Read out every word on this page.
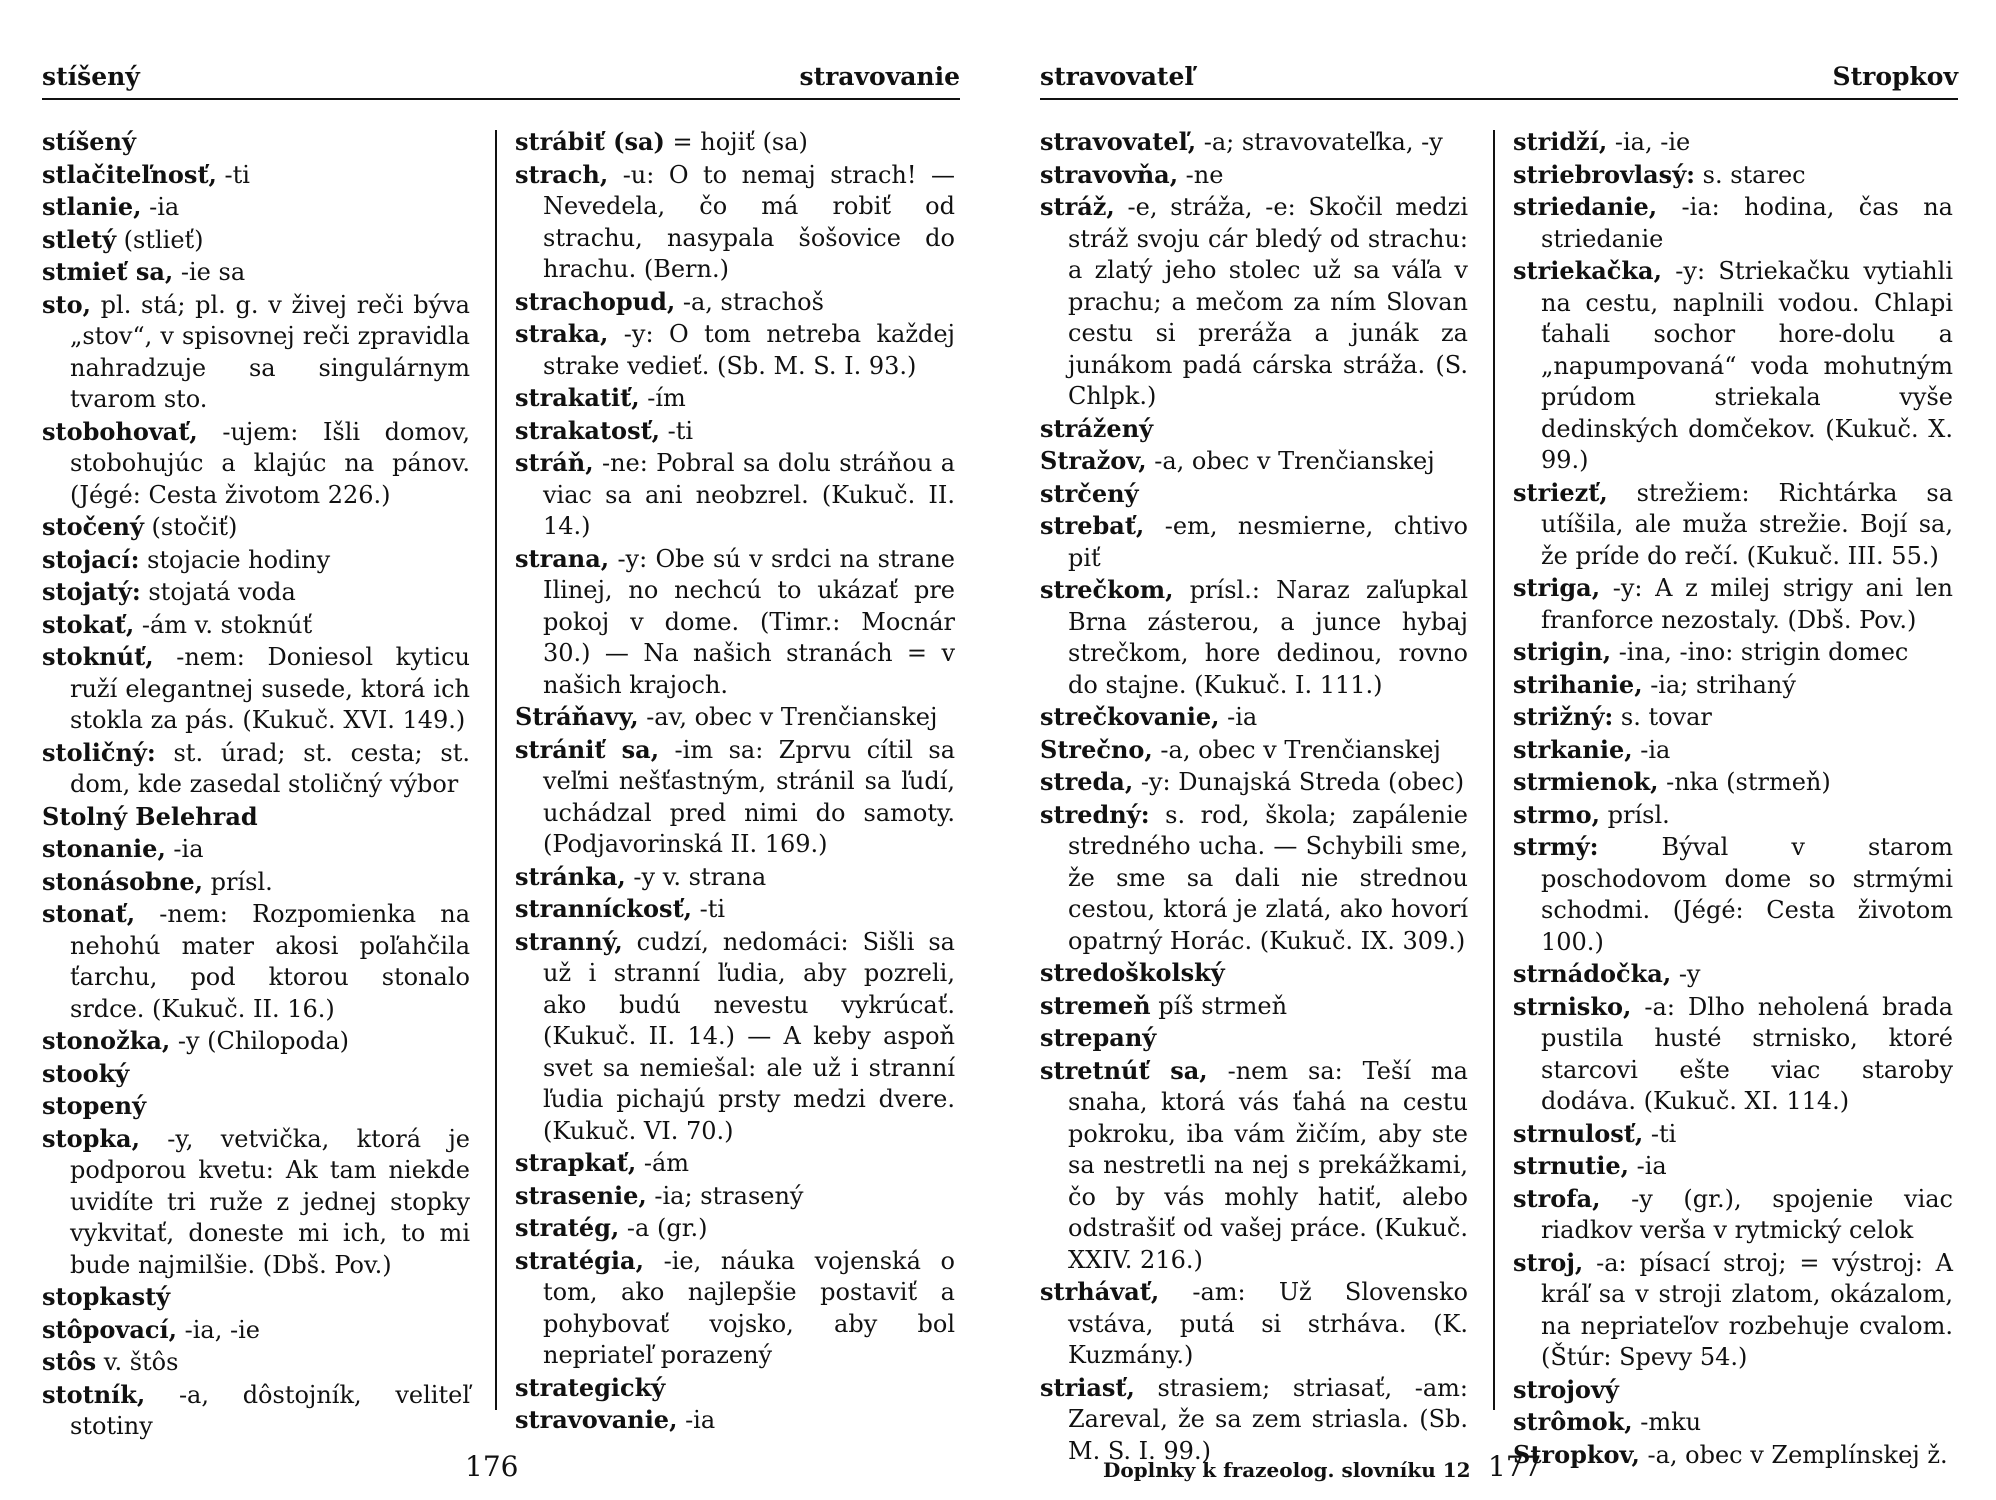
stíšený	stravovanie
stíšený
stlačiteľnosť, -ti
stlanie, -ia
stletý (stlieť)
stmieť sa, -ie sa
sto, pl. stá; pl. g. v živej reči býva „stov“, v spisovnej reči zpravidla nahradzuje sa singulárnym tvarom sto.
stobohovať, -ujem: Išli domov, stobohujúc a klajúc na pánov. (Jégé: Cesta životom 226.)
stočený (stočiť)
stojací: stojacie hodiny
stojatý: stojatá voda
stokať, -ám v. stoknúť
stoknúť, -nem: Doniesol kyticu ruží elegantnej susede, ktorá ich stokla za pás. (Kukuč. XVI. 149.)
stoličný: st. úrad; st. cesta; st. dom, kde zasedal stoličný výbor
Stolný Belehrad
stonanie, -ia
stonásobne, prísl.
stonať, -nem: Rozpomienka na nehohú mater akosi poľahčila ťarchu, pod ktorou stonalo srdce. (Kukuč. II. 16.)
stonožka, -y (Chilopoda)
stooký
stopený
stopka, -y, vetvička, ktorá je podporou kvetu: Ak tam niekde uvidíte tri ruže z jednej stopky vykvitať, doneste mi ich, to mi bude najmilšie. (Dbš. Pov.)
stopkastý
stôpovací, -ia, -ie
stôs v. štôs
stotník, -a, dôstojník, veliteľ stotiny
strábiť (sa) = hojiť (sa)
strach, -u: O to nemaj strach! — Nevedela, čo má robiť od strachu, nasypala šošovice do hrachu. (Bern.)
strachopud, -a, strachoš
straka, -y: O tom netreba každej strake vedieť. (Sb. M. S. I. 93.)
strakatiť, -ím
strakatosť, -ti
stráň, -ne: Pobral sa dolu stráňou a viac sa ani neobzrel. (Kukuč. II. 14.)
strana, -y: Obe sú v srdci na strane Ilinej, no nechcú to ukázať pre pokoj v dome. (Timr.: Mocnár 30.) — Na našich stranách = v našich krajoch.
Stráňavy, -av, obec v Trenčianskej
strániť sa, -im sa: Zprvu cítil sa veľmi nešťastným, stránil sa ľudí, uchádzal pred nimi do samoty. (Podjavorinská II. 169.)
stránka, -y v. strana
stranníckosť, -ti
stranný, cudzí, nedomáci: Sišli sa už i stranní ľudia, aby pozreli, ako budú nevestu vykrúcať. (Kukuč. II. 14.) — A keby aspoň svet sa nemiešal: ale už i stranní ľudia pichajú prsty medzi dvere. (Kukuč. VI. 70.)
strapkať, -ám
strasenie, -ia; strasený
stratég, -a (gr.)
stratégia, -ie, náuka vojenská o tom, ako najlepšie postaviť a pohybovať vojsko, aby bol nepriateľ porazený
strategický
stravovanie, -ia
176
stravovateľ	Stropkov
stravovateľ, -a; stravovateľka, -y
stravovňa, -ne
stráž, -e, stráža, -e: Skočil medzi stráž svoju cár bledý od strachu: a zlatý jeho stolec už sa váľa v prachu; a mečom za ním Slovan cestu si preráža a junák za junákom padá cárska stráža. (S. Chlpk.)
strážený
Stražov, -a, obec v Trenčianskej
strčený
strebať, -em, nesmierne, chtivo piť
strečkom, prísl.: Naraz zaľupkal Brna zásterou, a junce hybaj strečkom, hore dedinou, rovno do stajne. (Kukuč. I. 111.)
strečkovanie, -ia
Strečno, -a, obec v Trenčianskej
streda, -y: Dunajská Streda (obec)
stredný: s. rod, škola; zapálenie stredného ucha. — Schybili sme, že sme sa dali nie strednou cestou, ktorá je zlatá, ako hovorí opatrný Horác. (Kukuč. IX. 309.)
stredoškolský
stremeň píš strmeň
strepaný
stretnúť sa, -nem sa: Teší ma snaha, ktorá vás ťahá na cestu pokroku, iba vám žičím, aby ste sa nestretli na nej s prekážkami, čo by vás mohly hatiť, alebo odstrašiť od vašej práce. (Kukuč. XXIV. 216.)
strhávať, -am: Už Slovensko vstáva, putá si strháva. (K. Kuzmány.)
striasť, strasiem; striasať, -am: Zareval, že sa zem striasla. (Sb. M. S. I. 99.)
stridží, -ia, -ie
striebrovlasý: s. starec
striedanie, -ia: hodina, čas na striedanie
striekačka, -y: Striekačku vytiahli na cestu, naplnili vodou. Chlapi ťahali sochor hore-dolu a „napumpovaná“ voda mohutným prúdom striekala vyše dedinských domčekov. (Kukuč. X. 99.)
striezť, strežiem: Richtárka sa utíšila, ale muža strežie. Bojí sa, že príde do rečí. (Kukuč. III. 55.)
striga, -y: A z milej strigy ani len franforce nezostaly. (Dbš. Pov.)
strigin, -ina, -ino: strigin domec
strihanie, -ia; strihaný
strižný: s. tovar
strkanie, -ia
strmienok, -nka (strmeň)
strmo, prísl.
strmý: Býval v starom poschodovom dome so strmými schodmi. (Jégé: Cesta životom 100.)
strnádočka, -y
strnisko, -a: Dlho neholená brada pustila husté strnisko, ktoré starcovi ešte viac staroby dodáva. (Kukuč. XI. 114.)
strnulosť, -ti
strnutie, -ia
strofa, -y (gr.), spojenie viac riadkov verša v rytmický celok
stroj, -a: písací stroj; = výstroj: A kráľ sa v stroji zlatom, okázalom, na nepriateľov rozbehuje cvalom. (Štúr: Spevy 54.)
strojový
strômok, -mku
Stropkov, -a, obec v Zemplínskej ž.
Doplnky k frazeolog. slovníku 12 177
